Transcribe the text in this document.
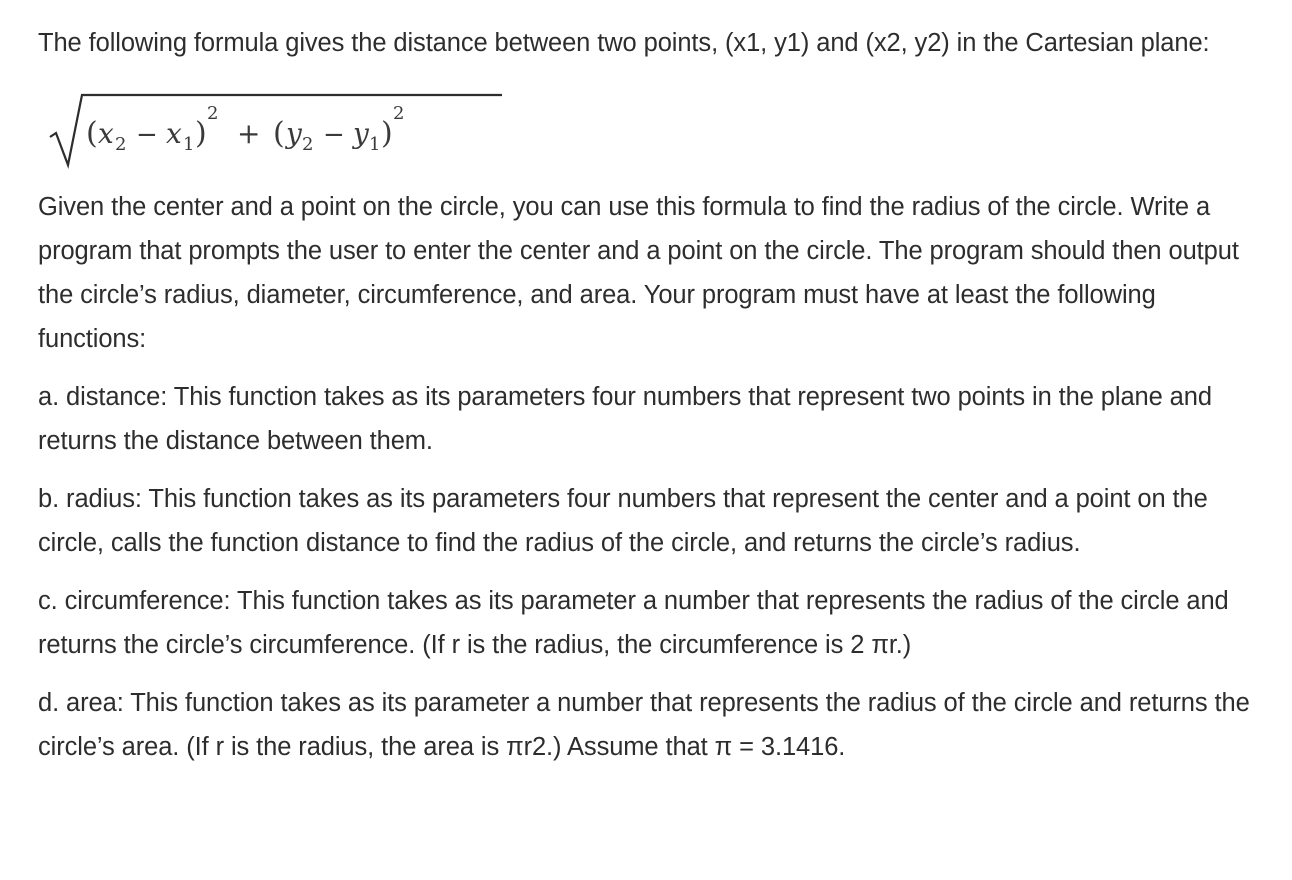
The following formula gives the distance between two points, (x1, y1) and (x2, y2) in the Cartesian plane:

( x 2 − x 1 )
2
+ ( y 2 − y 1 )
2

Given the center and a point on the circle, you can use this formula to find the radius of the circle. Write a program that prompts the user to enter the center and a point on the circle. The program should then output the circle’s radius, diameter, circumference, and area. Your program must have at least the following functions:

a. distance: This function takes as its parameters four numbers that represent two points in the plane and returns the distance between them.

b. radius: This function takes as its parameters four numbers that represent the center and a point on the circle, calls the function distance to find the radius of the circle, and returns the circle’s radius.

c. circumference: This function takes as its parameter a number that represents the radius of the circle and returns the circle’s circumference. (If r is the radius, the circumference is 2 πr.)

d. area: This function takes as its parameter a number that represents the radius of the circle and returns the circle’s area. (If r is the radius, the area is πr2.) Assume that π = 3.1416.
